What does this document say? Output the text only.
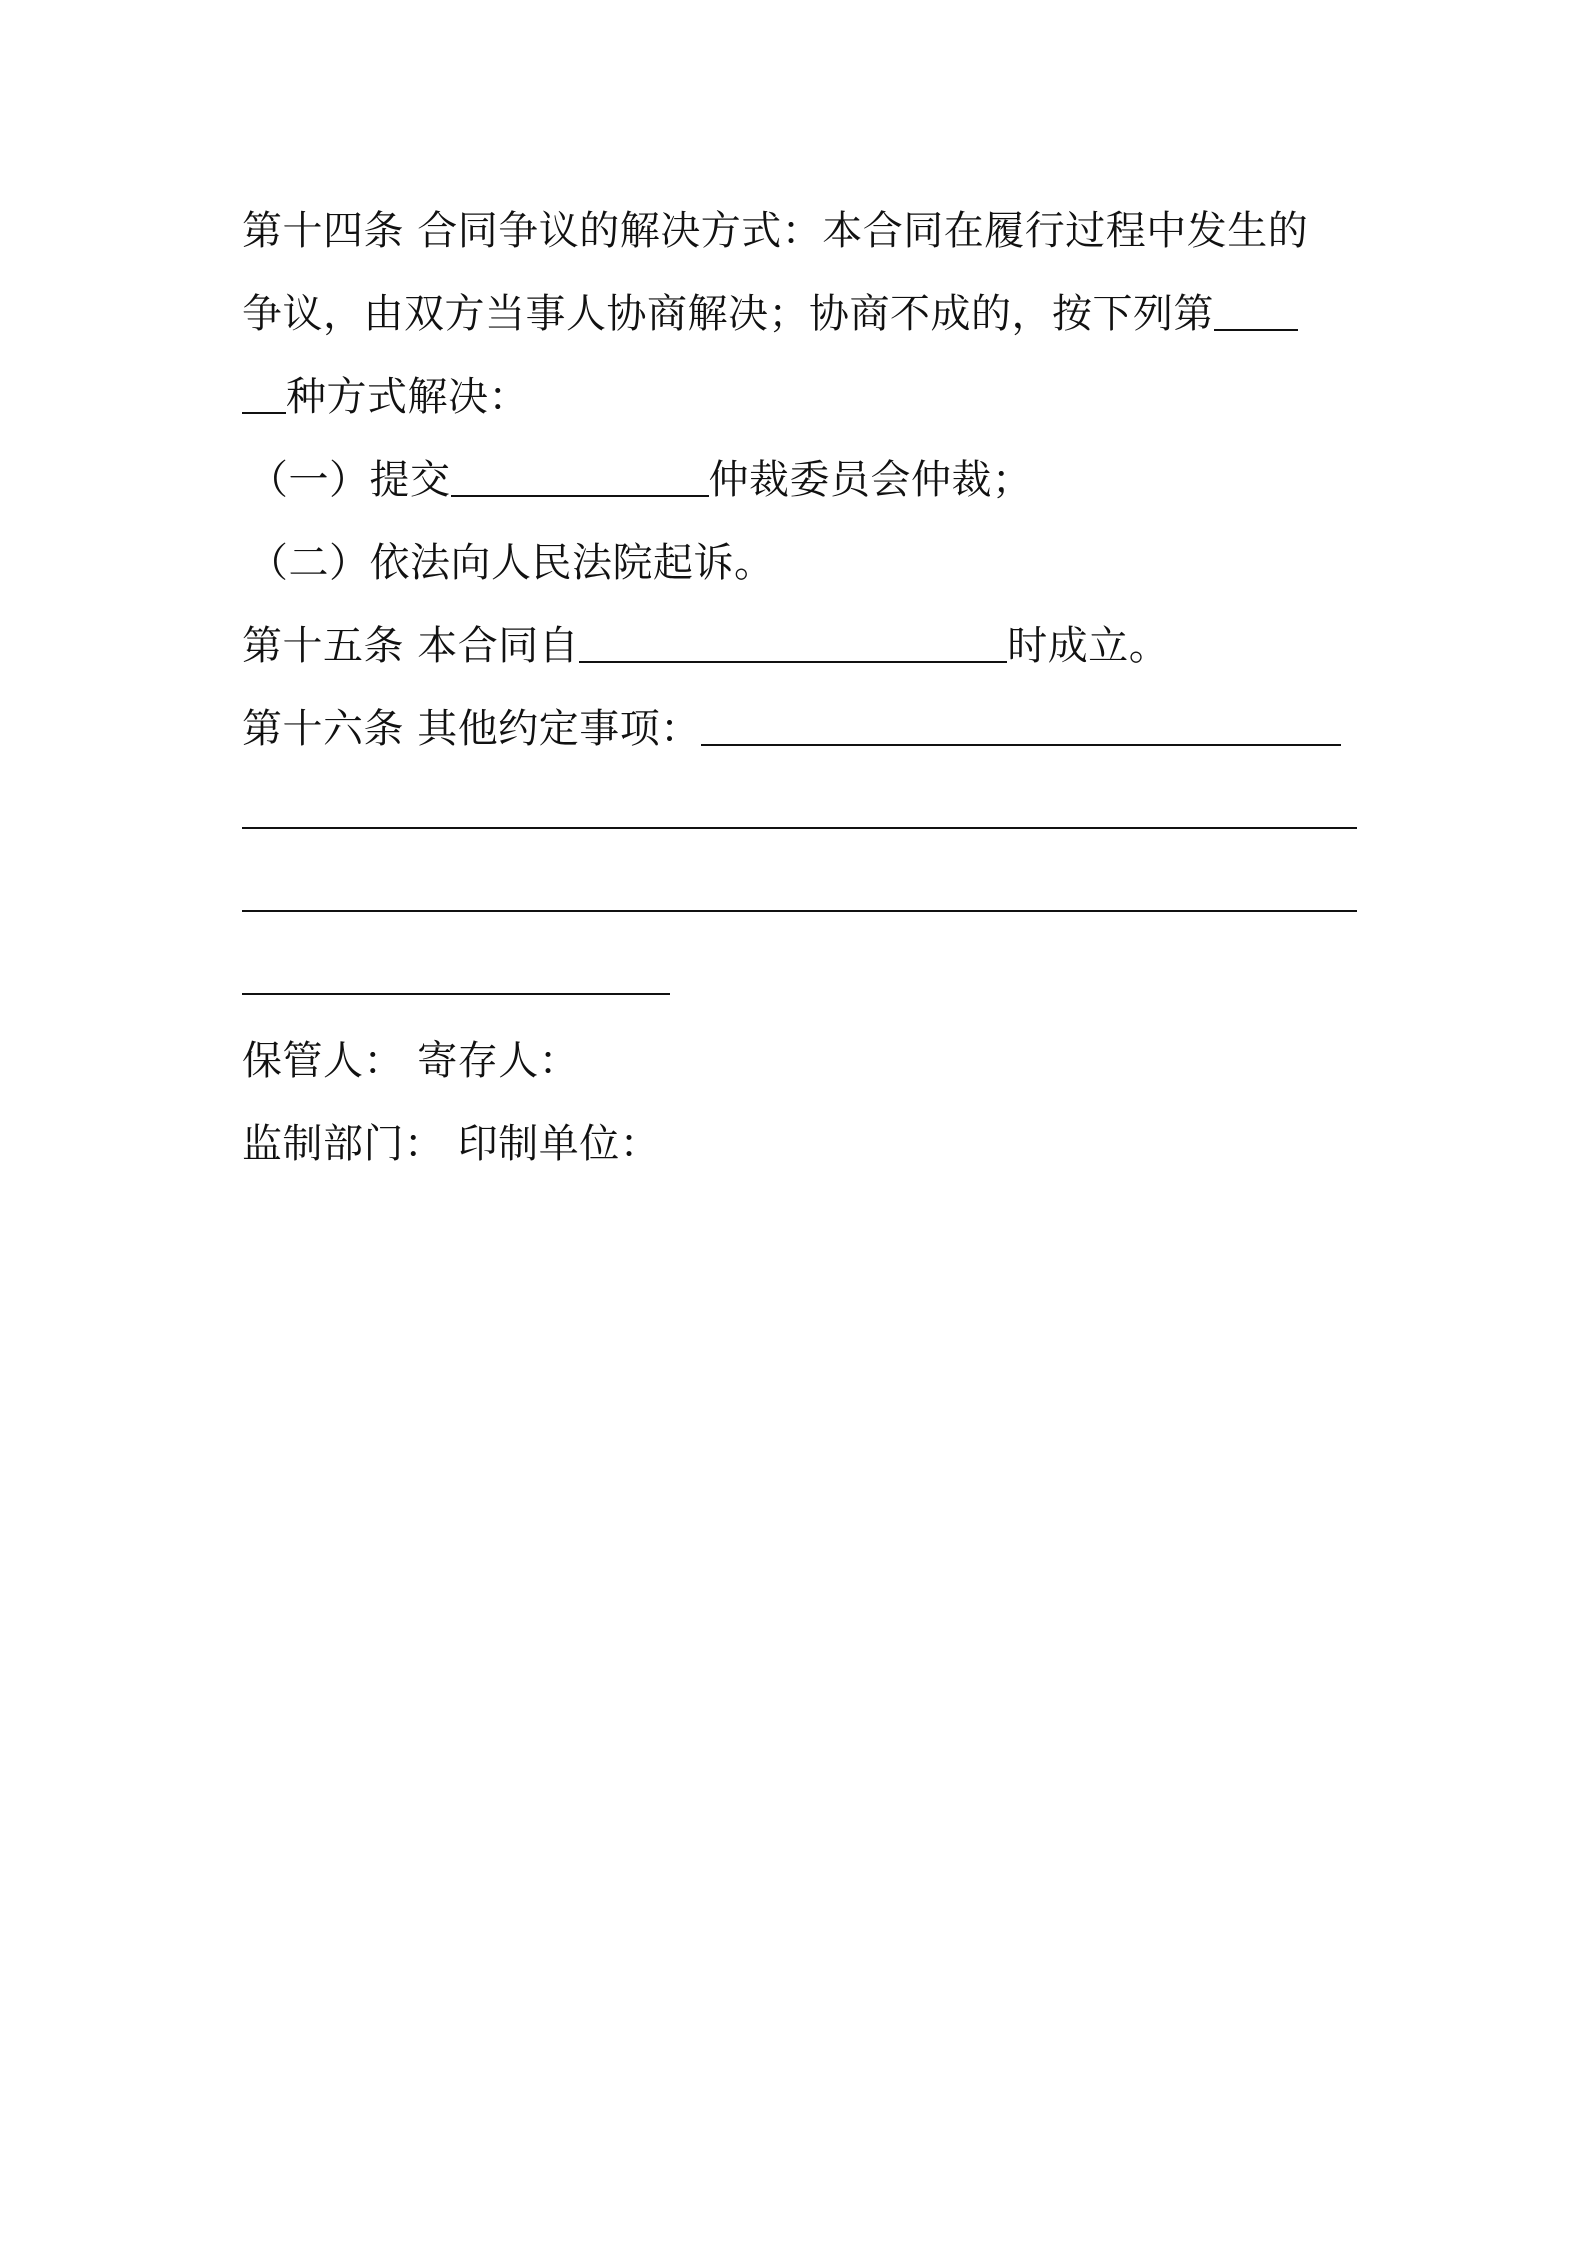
第十四条 合同争议的解决方式：本合同在履行过程中发生的
争议，由双方当事人协商解决；协商不成的，按下列第
种方式解决：
（一）提交	仲裁委员会仲裁；
（二）依法向人民法院起诉。
第十五条 本合同自	时成立。
第十六条 其他约定事项：
保管人： 寄存人：
监制部门： 印制单位：
